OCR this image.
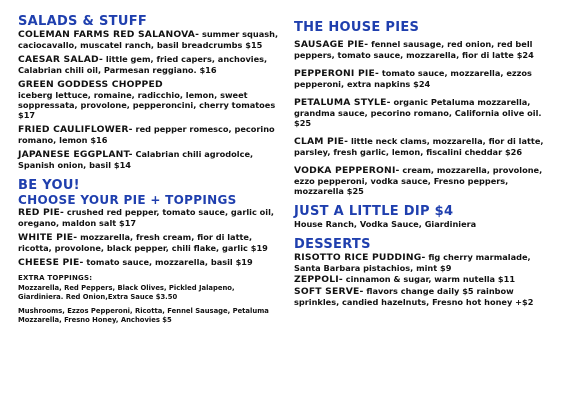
SALADS & STUFF

COLEMAN FARMS RED SALANOVA- summer squash, caciocavallo, muscatel ranch, basil breadcrumbs $15

CAESAR SALAD- little gem, fried capers, anchovies, Calabrian chili oil, Parmesan reggiano. $16

GREEN GODDESS CHOPPED
iceberg lettuce, romaine, radicchio, lemon, sweet soppressata, provolone, pepperoncini, cherry tomatoes $17

FRIED CAULIFLOWER- red pepper romesco, pecorino romano, lemon $16

JAPANESE EGGPLANT- Calabrian chili agrodolce, Spanish onion, basil $14

BE YOU!
CHOOSE YOUR PIE + TOPPINGS

RED PIE- crushed red pepper, tomato sauce, garlic oil, oregano, maldon salt $17

WHITE PIE- mozzarella, fresh cream, fior di latte, ricotta, provolone, black pepper, chili flake, garlic $19

CHEESE PIE- tomato sauce, mozzarella, basil $19

EXTRA TOPPINGS:

Mozzarella, Red Peppers, Black Olives, Pickled Jalapeno, Giardiniera. Red Onion,Extra Sauce $3.50

Mushrooms, Ezzos Pepperoni, Ricotta, Fennel Sausage, Petaluma Mozzarella, Fresno Honey, Anchovies $5

THE HOUSE PIES

SAUSAGE PIE- fennel sausage, red onion, red bell peppers, tomato sauce, mozzarella, fior di latte $24

PEPPERONI PIE- tomato sauce, mozzarella, ezzos pepperoni, extra napkins $24

PETALUMA STYLE- organic Petaluma mozzarella, grandma sauce, pecorino romano, California olive oil. $25

CLAM PIE- little neck clams, mozzarella, fior di latte, parsley, fresh garlic, lemon, fiscalini cheddar $26

VODKA PEPPERONI- cream, mozzarella, provolone, ezzo pepperoni, vodka sauce, Fresno peppers, mozzarella $25

JUST A LITTLE DIP $4

House Ranch, Vodka Sauce, Giardiniera

DESSERTS

RISOTTO RICE PUDDING- fig cherry marmalade, Santa Barbara pistachios, mint $9

ZEPPOLI- cinnamon & sugar, warm nutella $11

SOFT SERVE- flavors change daily $5 rainbow sprinkles, candied hazelnuts, Fresno hot honey +$2
